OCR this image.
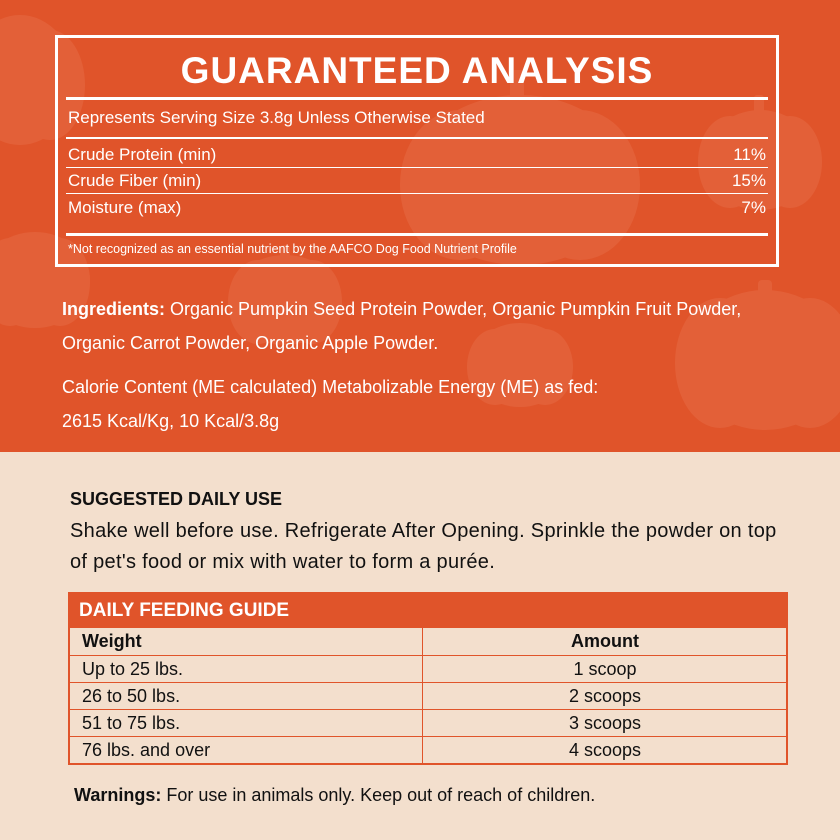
GUARANTEED ANALYSIS
Represents Serving Size 3.8g Unless Otherwise Stated
Crude Protein (min)	11%
Crude Fiber (min)	15%
Moisture (max)	7%
*Not recognized as an essential nutrient by the AAFCO Dog Food Nutrient Profile
Ingredients: Organic Pumpkin Seed Protein Powder, Organic Pumpkin Fruit Powder, Organic Carrot Powder, Organic Apple Powder.
Calorie Content (ME calculated) Metabolizable Energy (ME) as fed:
2615 Kcal/Kg, 10 Kcal/3.8g
SUGGESTED DAILY USE
Shake well before use. Refrigerate After Opening. Sprinkle the powder on top of pet's food or mix with water to form a purée.
DAILY FEEDING GUIDE
Weight	Amount
Up to 25 lbs.	1 scoop
26 to 50 lbs.	2 scoops
51 to 75 lbs.	3 scoops
76 lbs. and over	4 scoops
Warnings: For use in animals only. Keep out of reach of children.
